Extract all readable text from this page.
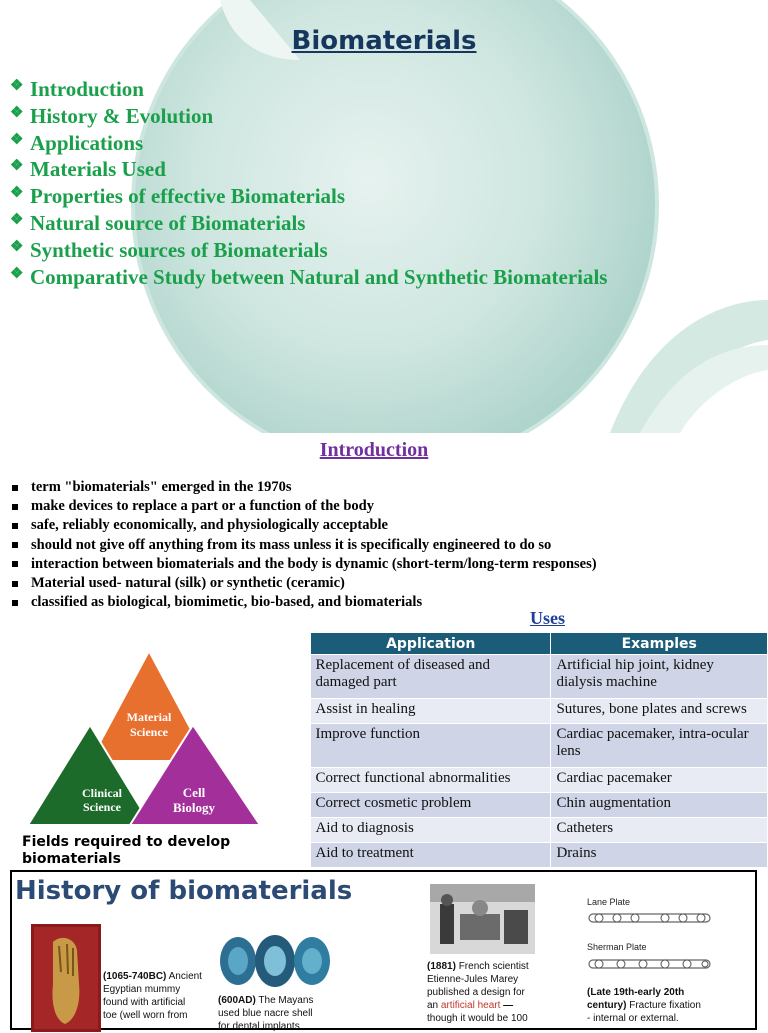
Biomaterials
❖ Introduction
❖ History & Evolution
❖ Applications
❖ Materials Used
❖ Properties of effective Biomaterials
❖ Natural source of Biomaterials
❖ Synthetic sources of Biomaterials
❖ Comparative Study between Natural and Synthetic Biomaterials
Introduction
term "biomaterials" emerged in the 1970s
make devices to replace a part or a function of the body
safe, reliably economically, and physiologically acceptable
should not give off anything from its mass unless it is specifically engineered to do so
interaction between biomaterials and the body is dynamic (short-term/long-term responses)
Material used- natural (silk) or synthetic (ceramic)
classified as biological, biomimetic, bio-based, and biomaterials
Uses
Application	Examples
Replacement of diseased and damaged part	Artificial hip joint, kidney dialysis machine
Assist in healing	Sutures, bone plates and screws
Improve function	Cardiac pacemaker, intra-ocular lens
Correct functional abnormalities	Cardiac pacemaker
Correct cosmetic problem	Chin augmentation
Aid to diagnosis	Catheters
Aid to treatment	Drains
Material
Science
Clinical
Science
Cell
Biology
Fields required to develop biomaterials
History of biomaterials
(1065-740BC) Ancient
Egyptian mummy
found with artificial
toe (well worn from
(600AD) The Mayans
used blue nacre shell
for dental implants
(1881) French scientist
Etienne-Jules Marey
published a design for
an artificial heart —
though it would be 100
Lane Plate
Sherman Plate
(Late 19th-early 20th
century) Fracture fixation
- internal or external.
